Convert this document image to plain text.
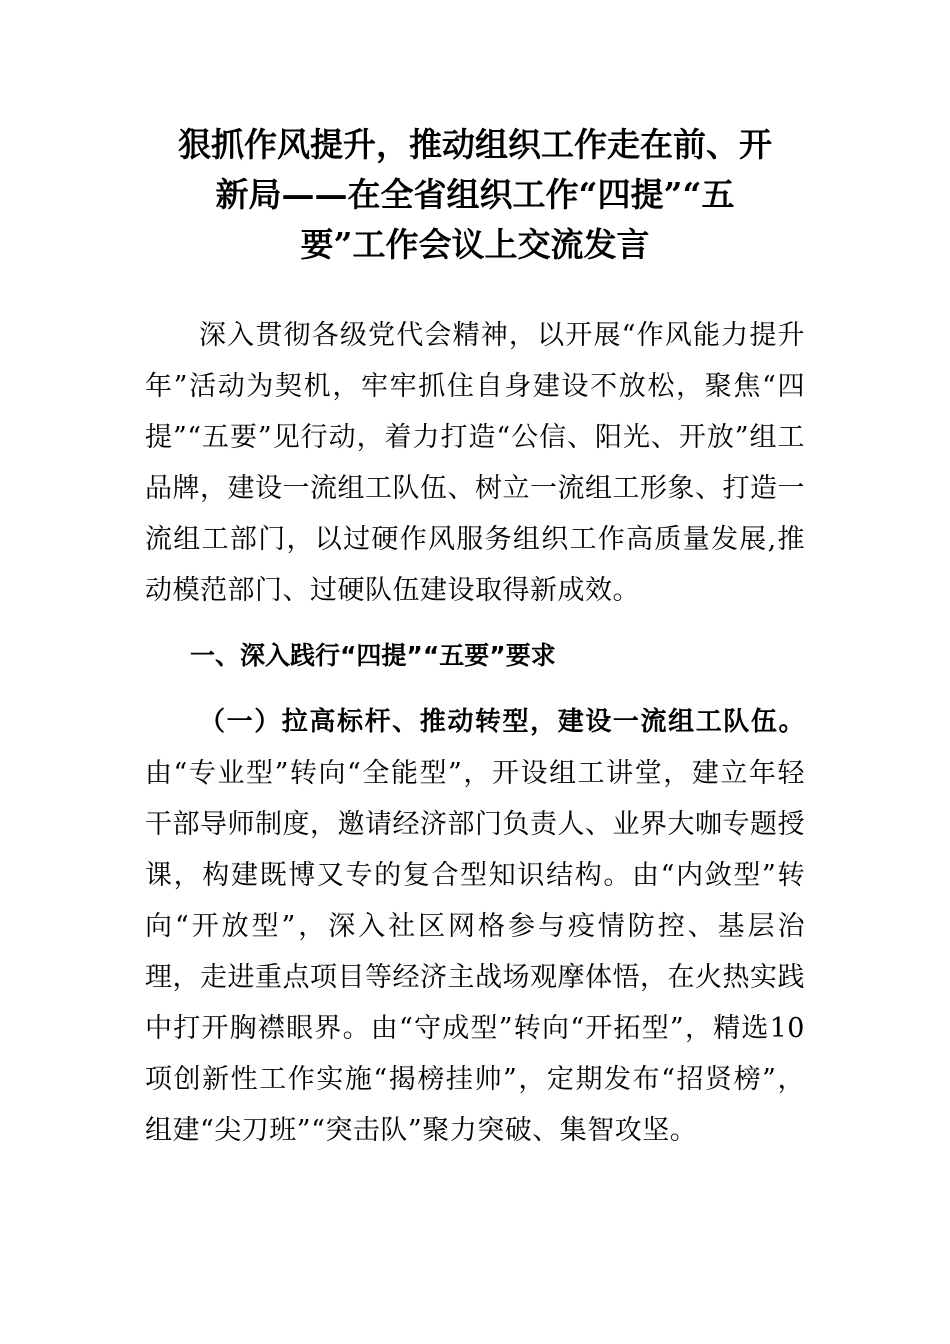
狠抓作风提升，推动组织工作走在前、开
新局——在全省组织工作“四提”“五
要”工作会议上交流发言

深入贯彻各级党代会精神，以开展“作风能力提升年”活动为契机，牢牢抓住自身建设不放松，聚焦“四提”“五要”见行动，着力打造“公信、阳光、开放”组工品牌，建设一流组工队伍、树立一流组工形象、打造一流组工部门，以过硬作风服务组织工作高质量发展,推动模范部门、过硬队伍建设取得新成效。

一、深入践行“四提”“五要”要求

（一）拉高标杆、推动转型，建设一流组工队伍。由“专业型”转向“全能型”，开设组工讲堂，建立年轻干部导师制度，邀请经济部门负责人、业界大咖专题授课，构建既博又专的复合型知识结构。由“内敛型”转向“开放型”，深入社区网格参与疫情防控、基层治理，走进重点项目等经济主战场观摩体悟，在火热实践中打开胸襟眼界。由“守成型”转向“开拓型”，精选10项创新性工作实施“揭榜挂帅”，定期发布“招贤榜”，组建“尖刀班”“突击队”聚力突破、集智攻坚。
